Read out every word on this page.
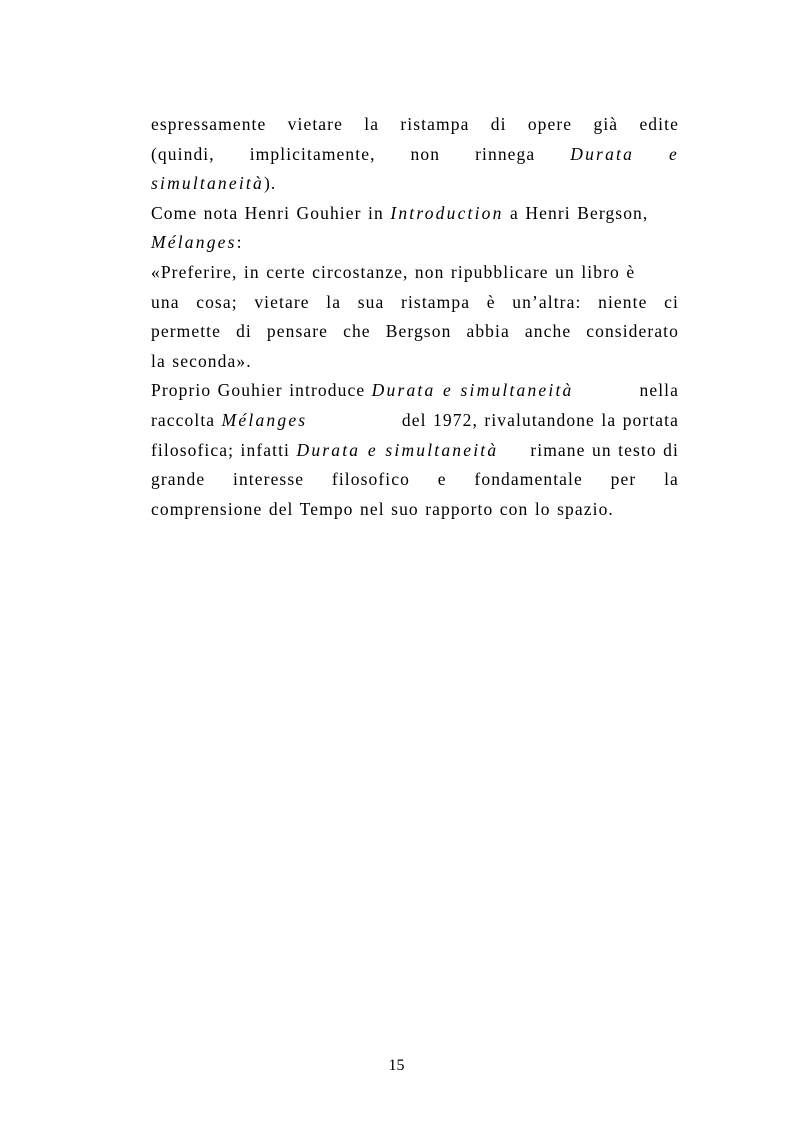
espressamente vietare la ristampa di opere già edite
(quindi, implicitamente, non rinnega Durata e
simultaneità).
Come nota Henri Gouhier in Introduction a Henri Bergson,
Mélanges:
«Preferire, in certe circostanze, non ripubblicare un libro è
una cosa; vietare la sua ristampa è un’altra: niente ci
permette di pensare che Bergson abbia anche considerato
la seconda».
Proprio Gouhier introduce Durata e simultaneità	nella
raccolta Mélanges	del 1972, rivalutandone la portata
filosofica; infatti Durata e simultaneità rimane un testo di
grande interesse filosofico e fondamentale per la
comprensione del Tempo nel suo rapporto con lo spazio.
15
